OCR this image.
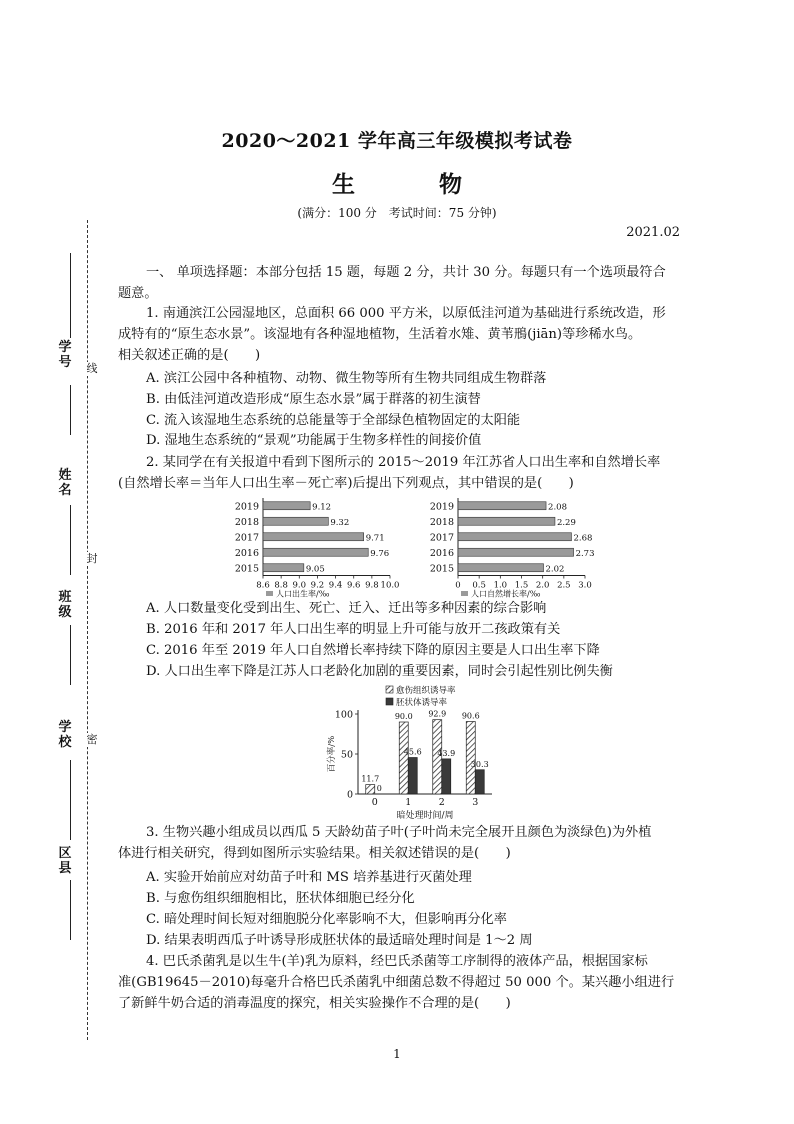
学号
姓名
班级
学校
区县
线
封
密
2020～2021 学年高三年级模拟考试卷
生 物
(满分：100 分　考试时间：75 分钟)
2021.02
一、 单项选择题：本部分包括 15 题，每题 2 分，共计 30 分。每题只有一个选项最符合
题意。
1. 南通滨江公园湿地区，总面积 66 000 平方米，以原低洼河道为基础进行系统改造，形
成特有的“原生态水景”。该湿地有各种湿地植物，生活着水雉、黄苇鳽(jiān)等珍稀水鸟。
相关叙述正确的是(　　)
A. 滨江公园中各种植物、动物、微生物等所有生物共同组成生物群落
B. 由低洼河道改造形成“原生态水景”属于群落的初生演替
C. 流入该湿地生态系统的总能量等于全部绿色植物固定的太阳能
D. 湿地生态系统的“景观”功能属于生物多样性的间接价值
2. 某同学在有关报道中看到下图所示的 2015～2019 年江苏省人口出生率和自然增长率
(自然增长率＝当年人口出生率－死亡率)后提出下列观点，其中错误的是(　　)
2019	9.12
2018	9.32
2017	9.71
2016	9.76
2015	9.05
8.6 8.8 9.0 9.2 9.4 9.6 9.8 10.0
人口出生率/‰
2019	2.08
2018	2.29
2017	2.68
2016	2.73
2015	2.02
0 0.5 1.0 1.5 2.0 2.5 3.0
人口自然增长率/‰
A. 人口数量变化受到出生、死亡、迁入、迁出等多种因素的综合影响
B. 2016 年和 2017 年人口出生率的明显上升可能与放开二孩政策有关
C. 2016 年至 2019 年人口自然增长率持续下降的原因主要是人口出生率下降
D. 人口出生率下降是江苏人口老龄化加剧的重要因素，同时会引起性别比例失衡
0
50
100
百分率/%
11.7
0
0
90.0
45.6
1
92.9
43.9
2
90.6
30.3
3
暗处理时间/周
愈伤组织诱导率
胚状体诱导率
3. 生物兴趣小组成员以西瓜 5 天龄幼苗子叶(子叶尚未完全展开且颜色为淡绿色)为外植
体进行相关研究，得到如图所示实验结果。相关叙述错误的是(　　)
A. 实验开始前应对幼苗子叶和 MS 培养基进行灭菌处理
B. 与愈伤组织细胞相比，胚状体细胞已经分化
C. 暗处理时间长短对细胞脱分化率影响不大，但影响再分化率
D. 结果表明西瓜子叶诱导形成胚状体的最适暗处理时间是 1～2 周
4. 巴氏杀菌乳是以生牛(羊)乳为原料，经巴氏杀菌等工序制得的液体产品，根据国家标
准(GB19645－2010)每毫升合格巴氏杀菌乳中细菌总数不得超过 50 000 个。某兴趣小组进行
了新鲜牛奶合适的消毒温度的探究，相关实验操作不合理的是(　　)
1
